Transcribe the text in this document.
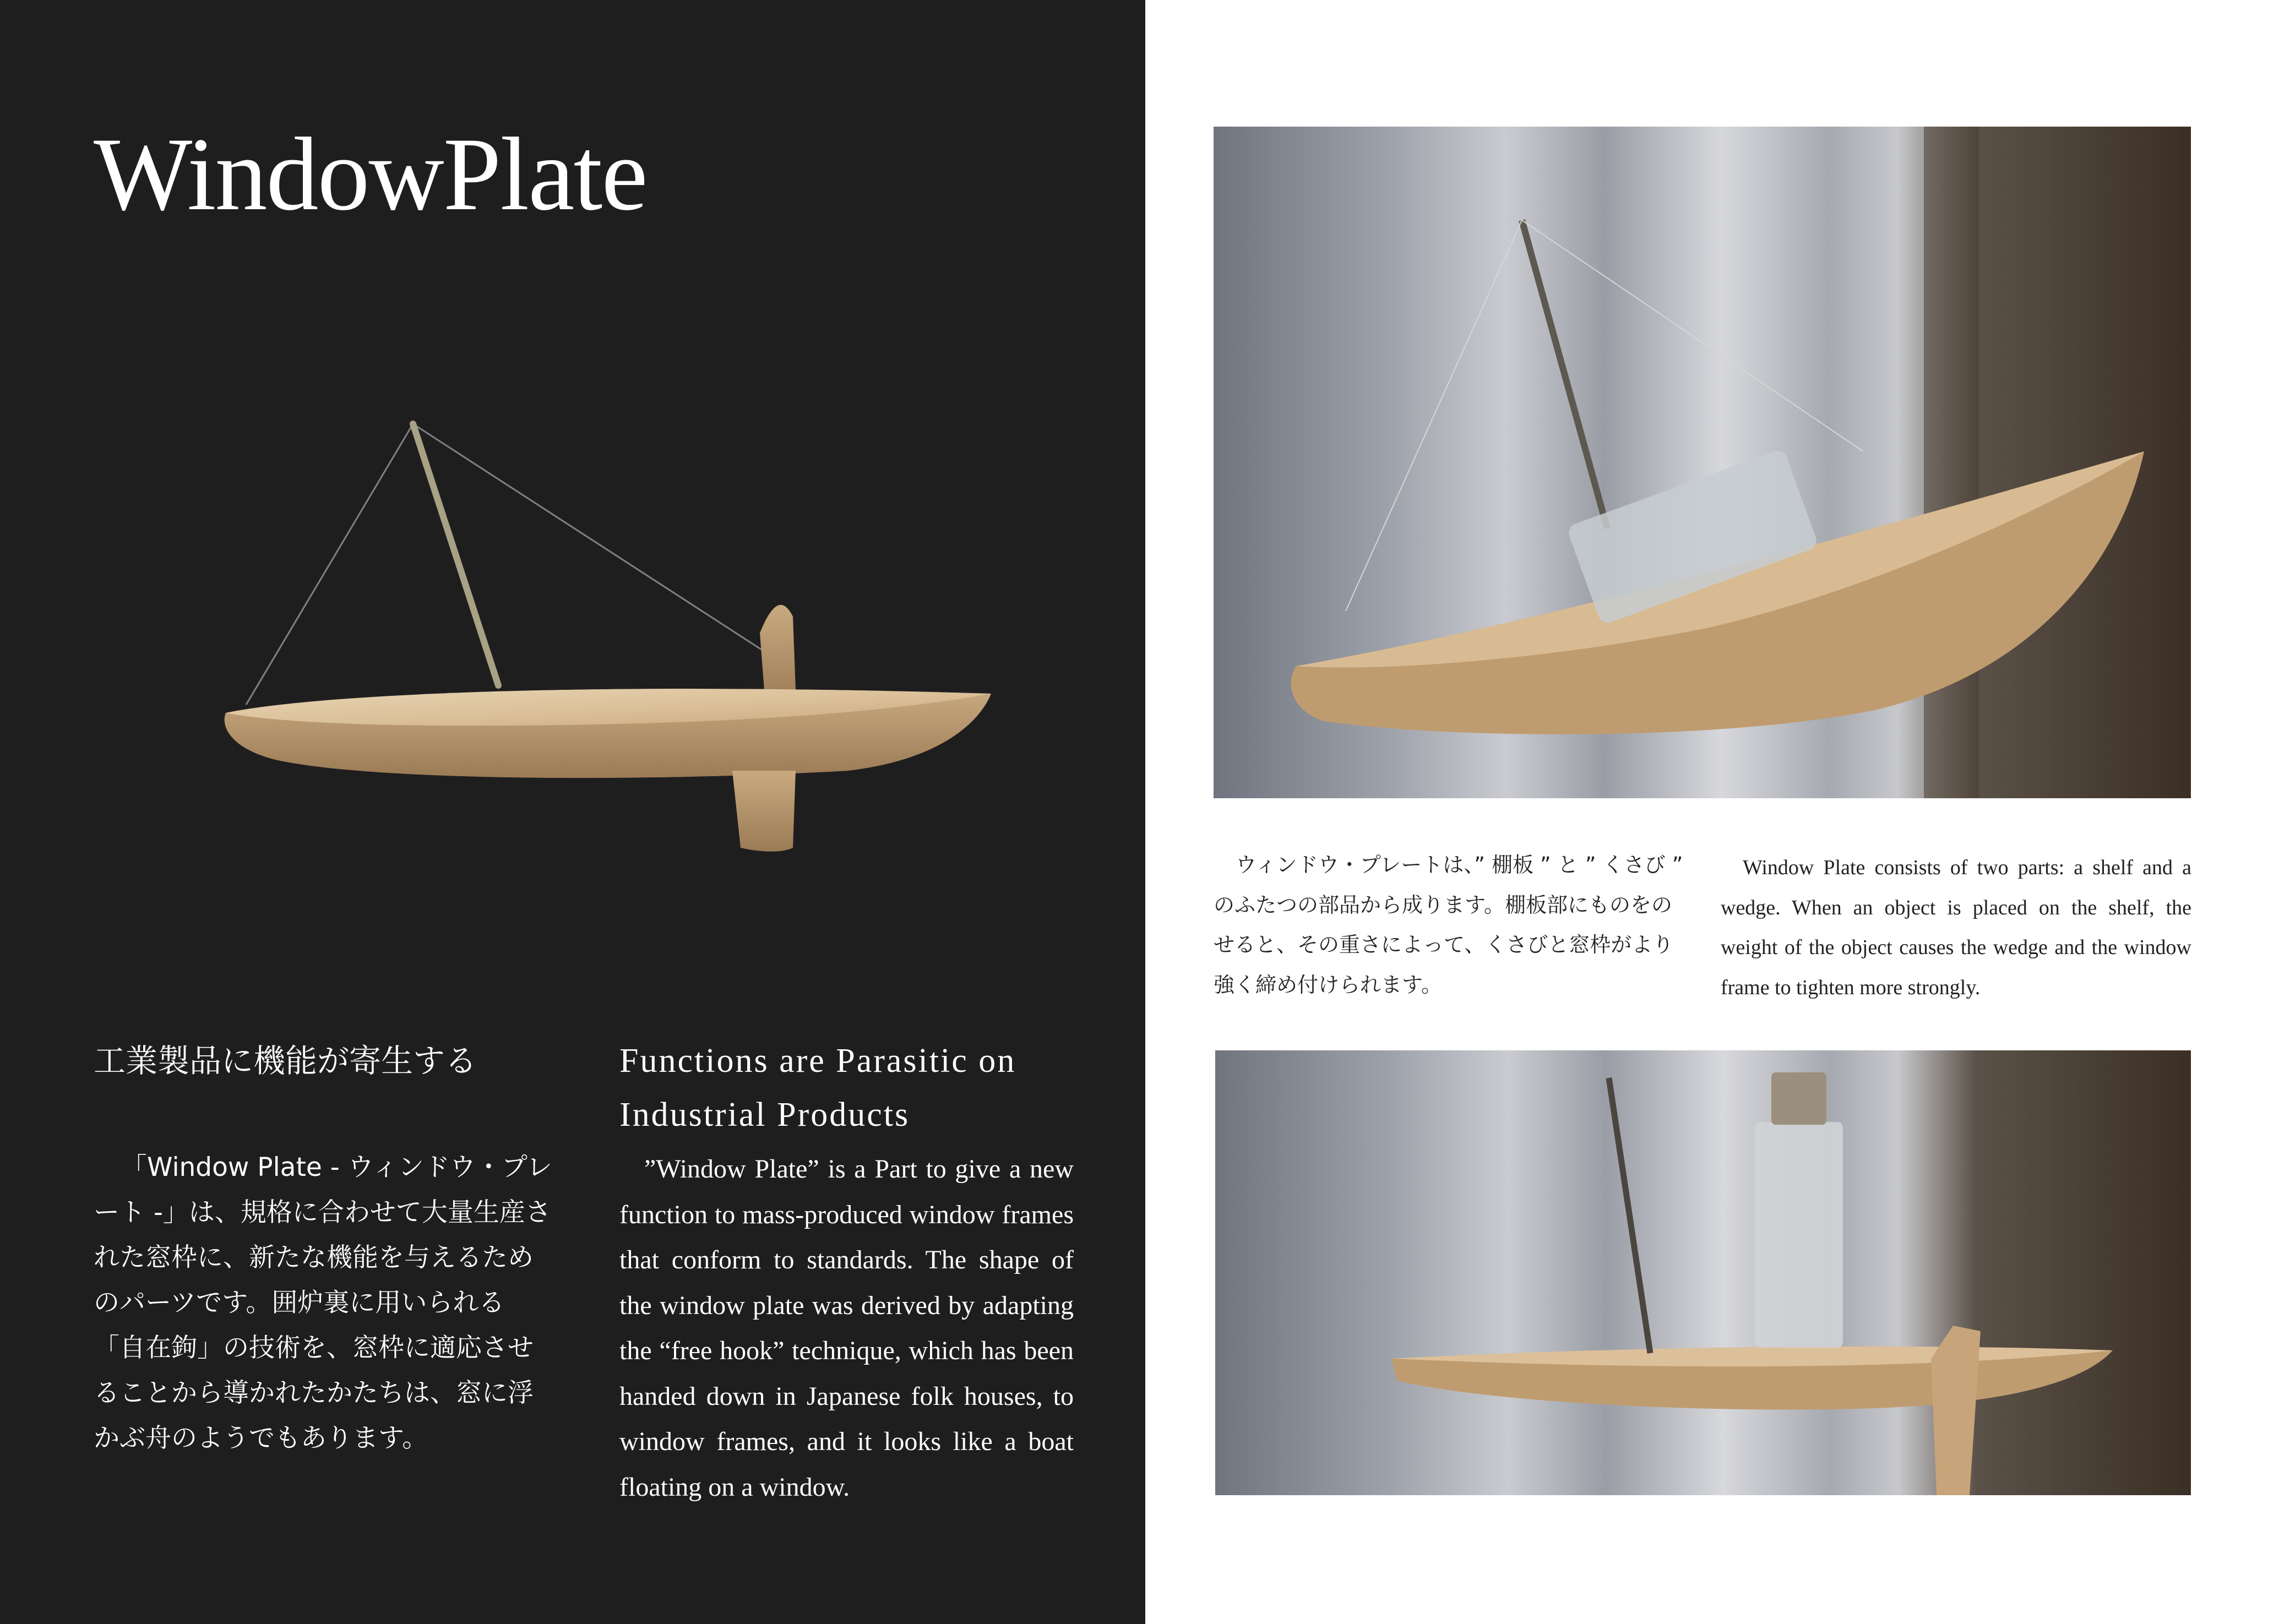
WindowPlate
工業製品に機能が寄生する	Functions are Parasitic on Industrial Products

「Window Plate - ウィンドウ・プレート -」は、規格に合わせて大量生産された窓枠に、新たな機能を与えるためのパーツです。囲炉裏に用いられる「自在鉤」の技術を、窓枠に適応させることから導かれたかたちは、窓に浮かぶ舟のようでもあります。

”Window Plate” is a Part to give a new function to mass-produced window frames that conform to standards. The shape of the window plate was derived by adapting the “free hook” technique, which has been handed down in Japanese folk houses, to window frames, and it looks like a boat floating on a window.

ウィンドウ・プレートは、” 棚板 ” と ” くさび ” のふたつの部品から成ります。棚板部にものをのせると、その重さによって、くさびと窓枠がより強く締め付けられます。
Window Plate consists of two parts: a shelf and a wedge. When an object is placed on the shelf, the weight of the object causes the wedge and the window frame to tighten more strongly.
